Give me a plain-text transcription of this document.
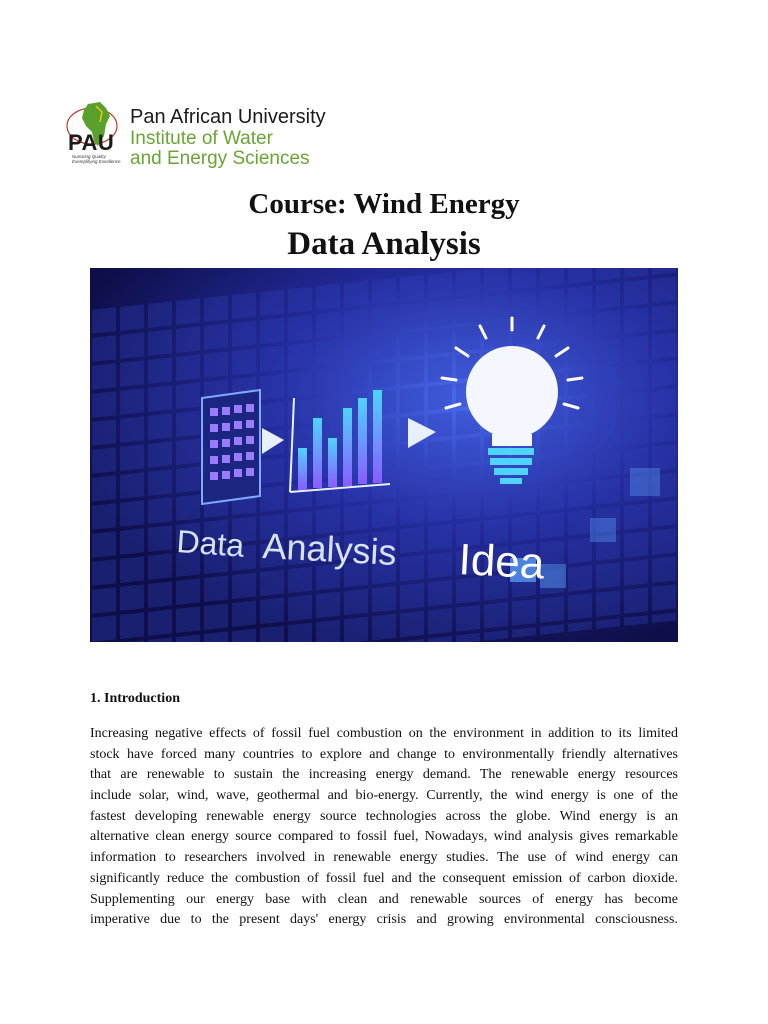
PAU
Nurturing Quality
Exemplifying Excellence
Pan African University
Institute of Water
and Energy Sciences
Course: Wind Energy
Data Analysis
Data Analysis Idea
1. Introduction
Increasing negative effects of fossil fuel combustion on the environment in addition to its limited
stock have forced many countries to explore and change to environmentally friendly alternatives
that are renewable to sustain the increasing energy demand. The renewable energy resources
include solar, wind, wave, geothermal and bio-energy. Currently, the wind energy is one of the
fastest developing renewable energy source technologies across the globe. Wind energy is an
alternative clean energy source compared to fossil fuel, Nowadays, wind analysis gives remarkable
information to researchers involved in renewable energy studies. The use of wind energy can
significantly reduce the combustion of fossil fuel and the consequent emission of carbon dioxide.
Supplementing our energy base with clean and renewable sources of energy has become
imperative due to the present days' energy crisis and growing environmental consciousness.
